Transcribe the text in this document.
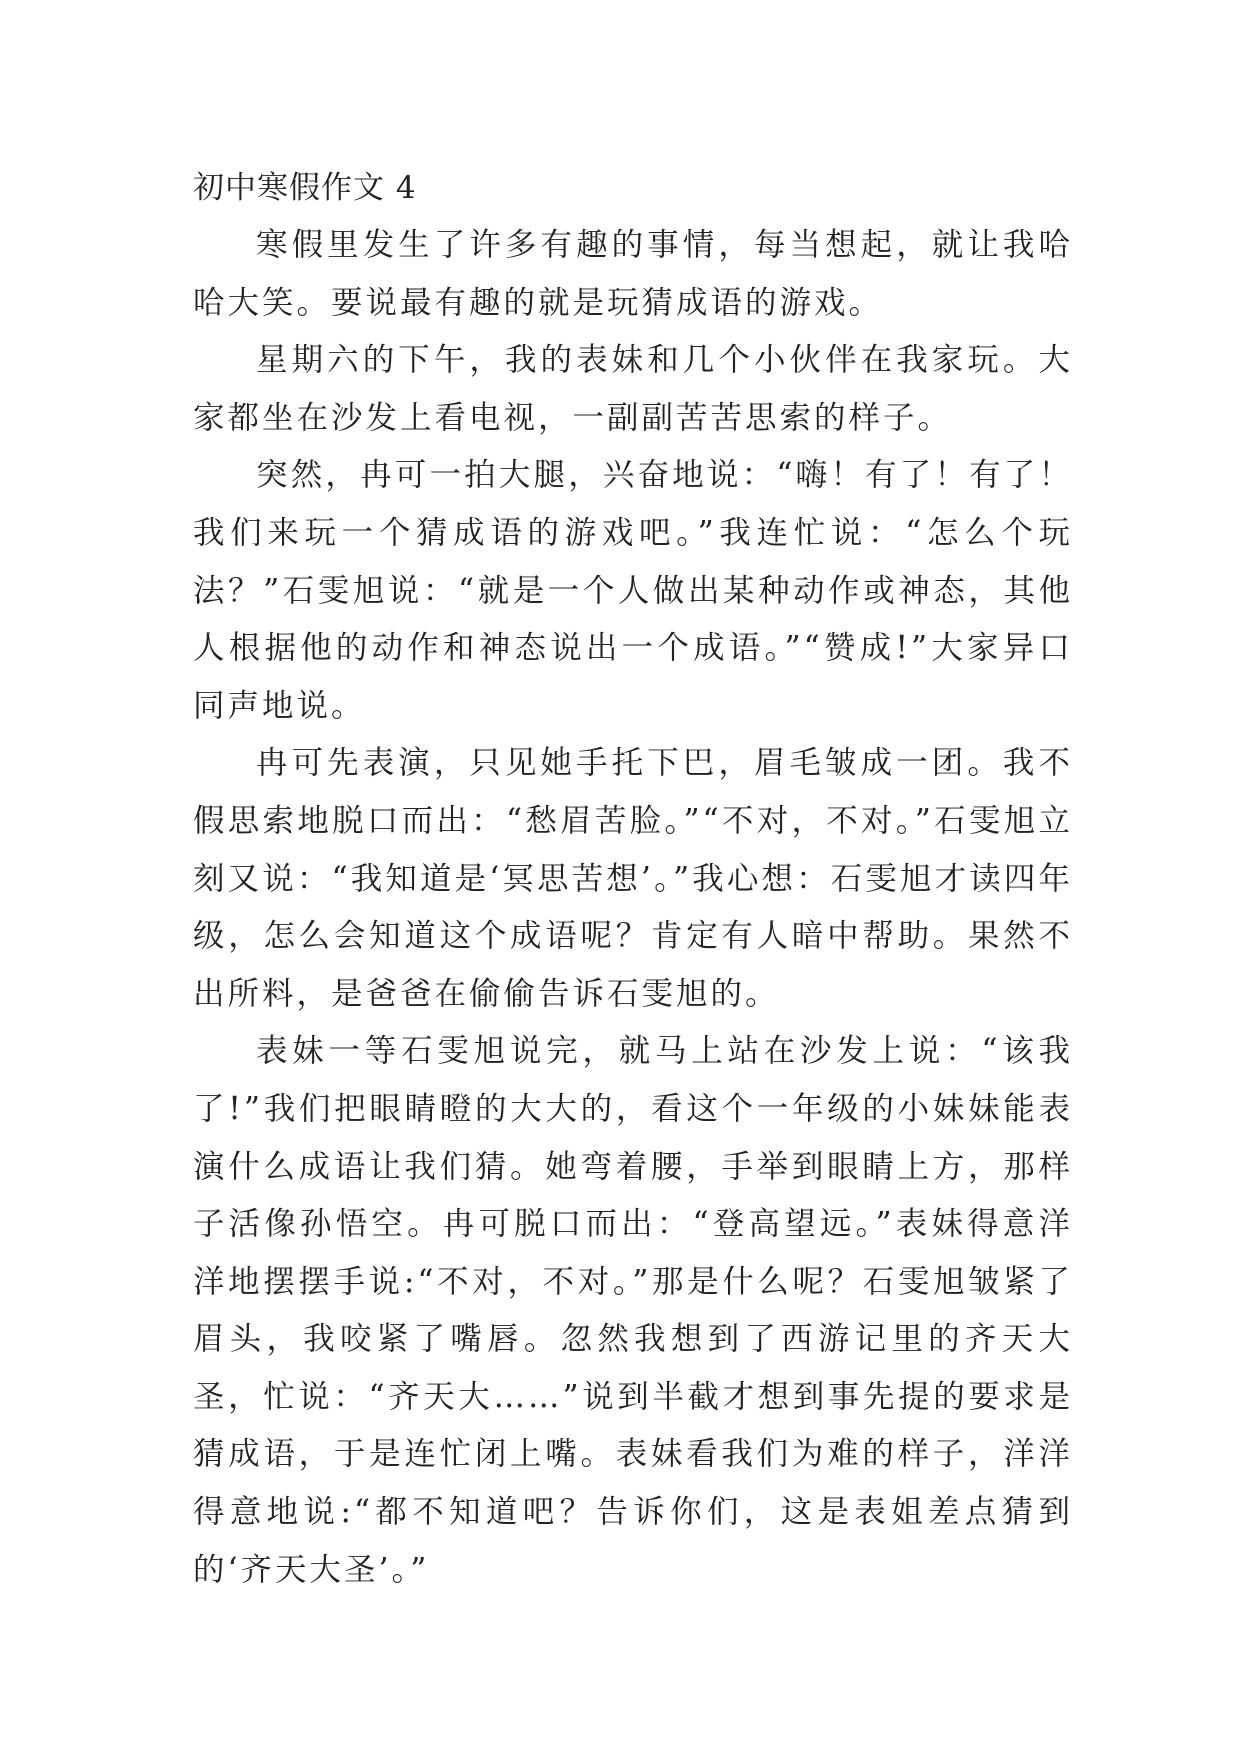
初中寒假作文 4

寒假里发生了许多有趣的事情，每当想起，就让我哈哈大笑。要说最有趣的就是玩猜成语的游戏。

星期六的下午，我的表妹和几个小伙伴在我家玩。大家都坐在沙发上看电视，一副副苦苦思索的样子。

突然，冉可一拍大腿，兴奋地说：“嗨！有了！有了！我们来玩一个猜成语的游戏吧。”我连忙说：“怎么个玩法？”石雯旭说：“就是一个人做出某种动作或神态，其他人根据他的动作和神态说出一个成语。”“赞成!”大家异口同声地说。

冉可先表演，只见她手托下巴，眉毛皱成一团。我不假思索地脱口而出：“愁眉苦脸。”“不对，不对。”石雯旭立刻又说：“我知道是‘冥思苦想’。”我心想：石雯旭才读四年级，怎么会知道这个成语呢？肯定有人暗中帮助。果然不出所料，是爸爸在偷偷告诉石雯旭的。

表妹一等石雯旭说完，就马上站在沙发上说：“该我了!”我们把眼睛瞪的大大的，看这个一年级的小妹妹能表演什么成语让我们猜。她弯着腰，手举到眼睛上方，那样子活像孙悟空。冉可脱口而出：“登高望远。”表妹得意洋洋地摆摆手说:“不对，不对。”那是什么呢？石雯旭皱紧了眉头，我咬紧了嘴唇。忽然我想到了西游记里的齐天大圣，忙说：“齐天大……”说到半截才想到事先提的要求是猜成语，于是连忙闭上嘴。表妹看我们为难的样子，洋洋得意地说:“都不知道吧？告诉你们，这是表姐差点猜到的‘齐天大圣’。”
